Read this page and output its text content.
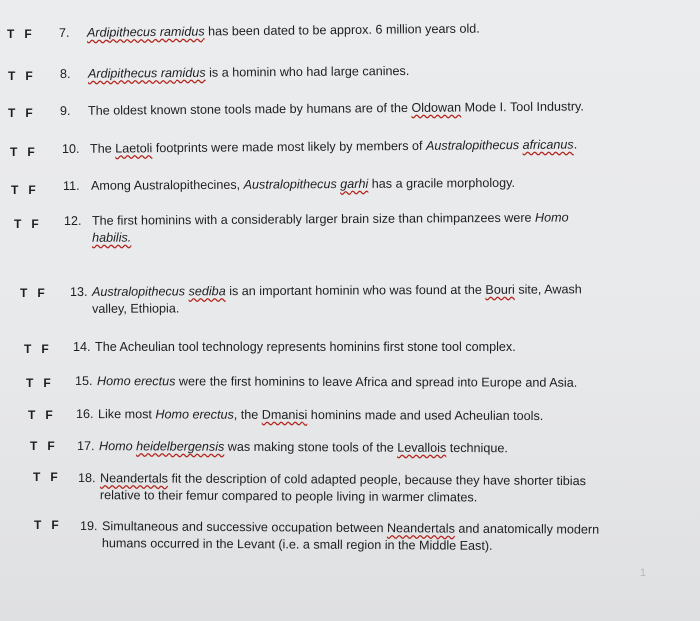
T F 7. Ardipithecus ramidus has been dated to be approx. 6 million years old.
T F 8. Ardipithecus ramidus is a hominin who had large canines.
T F 9. The oldest known stone tools made by humans are of the Oldowan Mode I. Tool Industry.
T F 10. The Laetoli footprints were made most likely by members of Australopithecus africanus.
T F 11. Among Australopithecines, Australopithecus garhi has a gracile morphology.
T F 12. The first hominins with a considerably larger brain size than chimpanzees were Homo
habilis.
T F 13. Australopithecus sediba is an important hominin who was found at the Bouri site, Awash
valley, Ethiopia.
T F 14. The Acheulian tool technology represents hominins first stone tool complex.
T F 15. Homo erectus were the first hominins to leave Africa and spread into Europe and Asia.
T F 16. Like most Homo erectus, the Dmanisi hominins made and used Acheulian tools.
T F 17. Homo heidelbergensis was making stone tools of the Levallois technique.
T F 18. Neandertals fit the description of cold adapted people, because they have shorter tibias
relative to their femur compared to people living in warmer climates.
T F 19. Simultaneous and successive occupation between Neandertals and anatomically modern
humans occurred in the Levant (i.e. a small region in the Middle East).
1
